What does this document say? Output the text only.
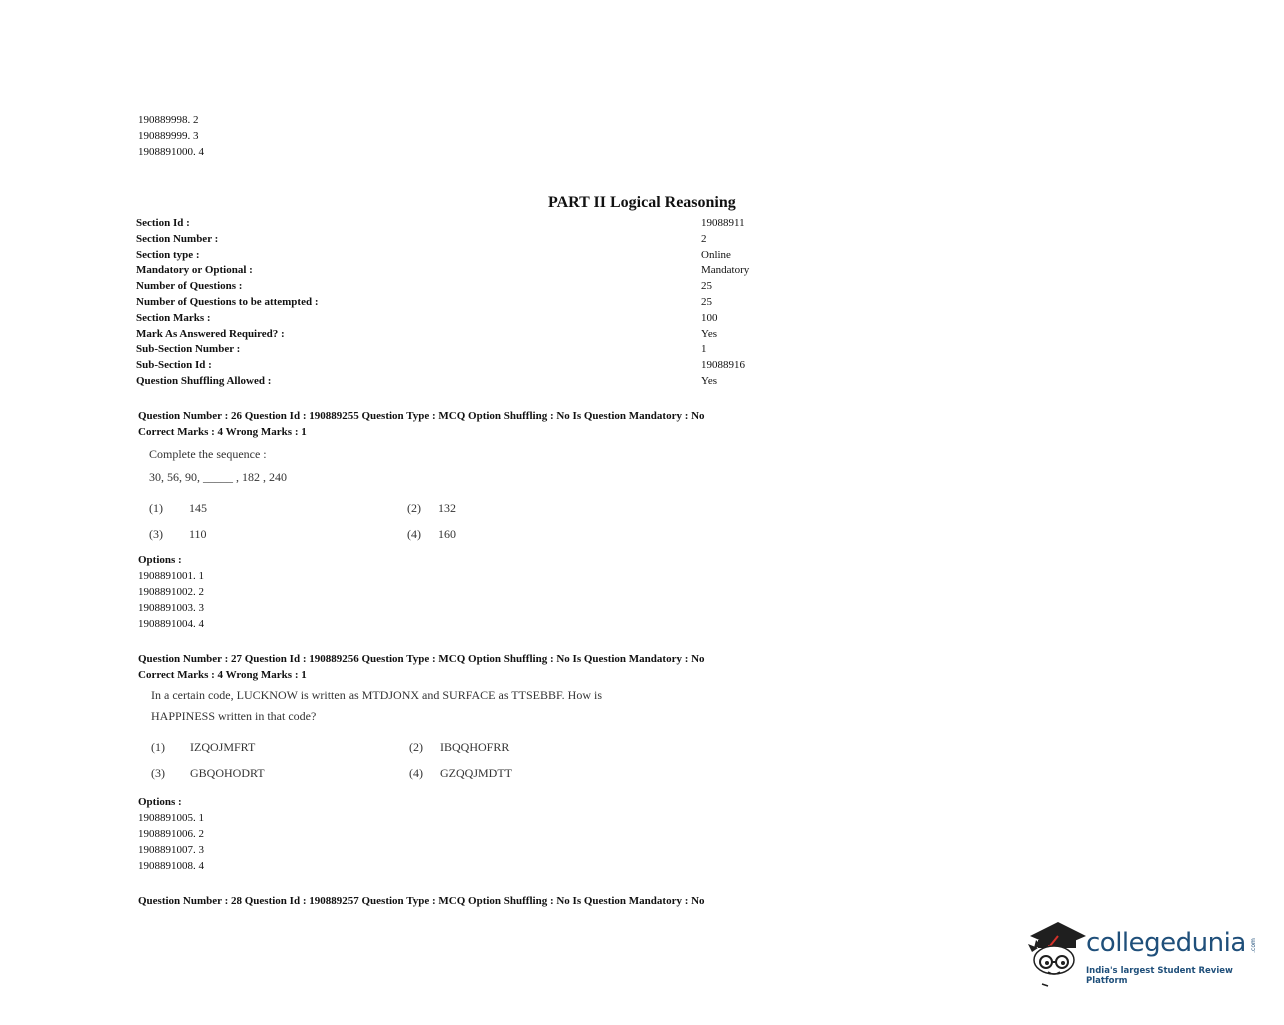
190889998. 2
190889999. 3
1908891000. 4
PART II Logical Reasoning
Section Id :	19088911
Section Number :	2
Section type :	Online
Mandatory or Optional :	Mandatory
Number of Questions :	25
Number of Questions to be attempted :	25
Section Marks :	100
Mark As Answered Required? :	Yes
Sub-Section Number :	1
Sub-Section Id :	19088916
Question Shuffling Allowed :	Yes
Question Number : 26 Question Id : 190889255 Question Type : MCQ Option Shuffling : No Is Question Mandatory : No
Correct Marks : 4 Wrong Marks : 1
Complete the sequence :
30, 56, 90, _____ , 182 , 240
(1) 145	(2) 132
(3) 110	(4) 160
Options :
1908891001. 1
1908891002. 2
1908891003. 3
1908891004. 4
Question Number : 27 Question Id : 190889256 Question Type : MCQ Option Shuffling : No Is Question Mandatory : No
Correct Marks : 4 Wrong Marks : 1
In a certain code, LUCKNOW is written as MTDJONX and SURFACE as TTSEBBF. How is
HAPPINESS written in that code?
(1) IZQOJMFRT	(2) IBQQHOFRR
(3) GBQOHODRT	(4) GZQQJMDTT
Options :
1908891005. 1
1908891006. 2
1908891007. 3
1908891008. 4
Question Number : 28 Question Id : 190889257 Question Type : MCQ Option Shuffling : No Is Question Mandatory : No
collegedunia .com
India's largest Student Review Platform
